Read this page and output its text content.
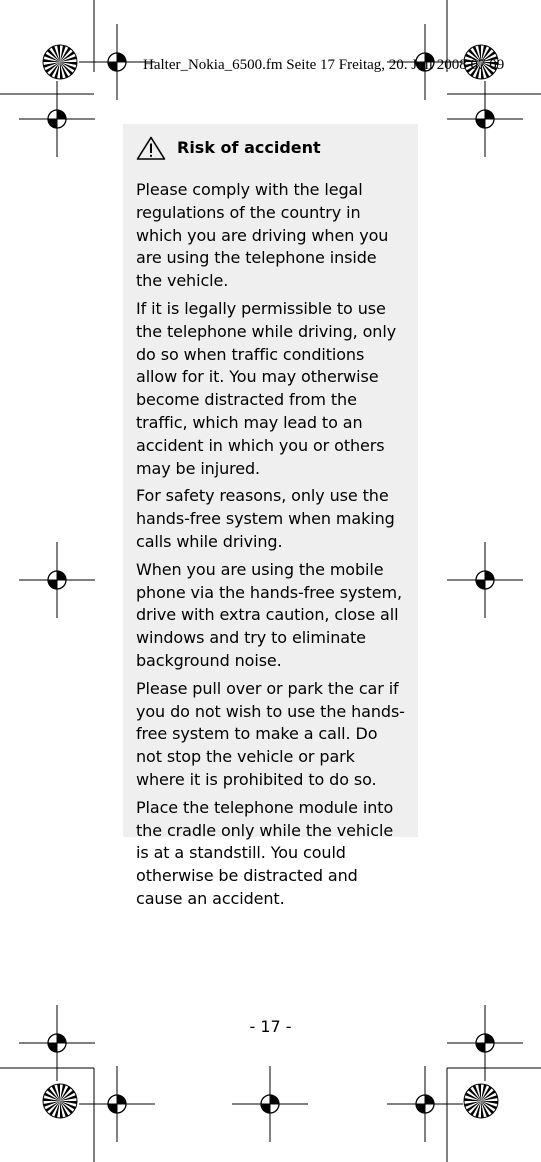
Halter_Nokia_6500.fm Seite 17 Freitag, 20. Juli 2008 07 09
Risk of accident

Please comply with the legal regulations of the country in which you are driving when you are using the telephone inside the vehicle.

If it is legally permissible to use the telephone while driving, only do so when traffic conditions allow for it. You may otherwise become distracted from the traffic, which may lead to an accident in which you or others may be injured.

For safety reasons, only use the hands-free system when making calls while driving.

When you are using the mobile phone via the hands-free system, drive with extra caution, close all windows and try to eliminate background noise.

Please pull over or park the car if you do not wish to use the hands-free system to make a call. Do not stop the vehicle or park where it is prohibited to do so.

Place the telephone module into the cradle only while the vehicle is at a standstill. You could otherwise be distracted and cause an accident.

- 17 -
